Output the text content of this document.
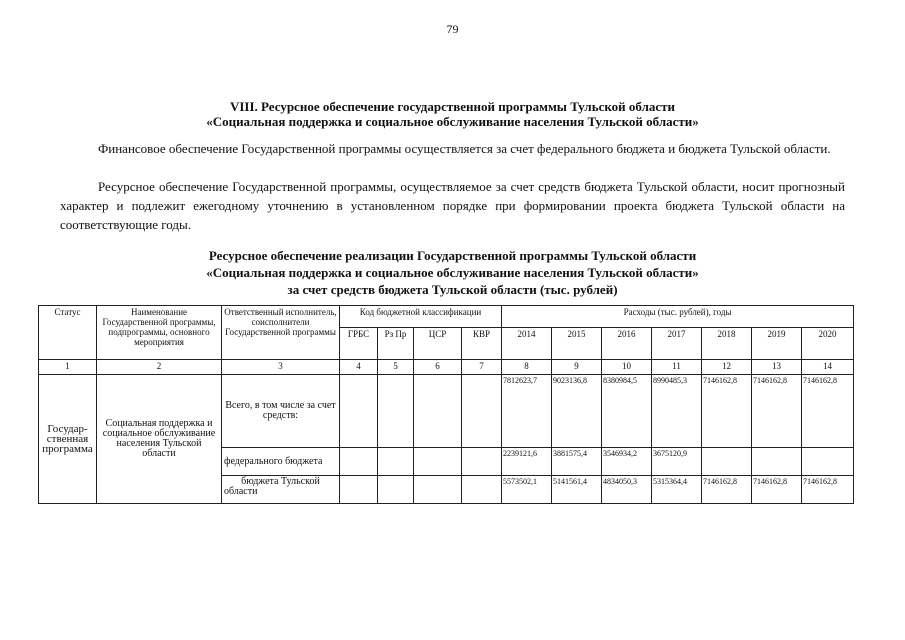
79
VIII. Ресурсное обеспечение государственной программы Тульской области
«Социальная поддержка и социальное обслуживание населения Тульской области»

Финансовое обеспечение Государственной программы осуществляется за счет федерального бюджета и бюджета Тульской области.

Ресурсное обеспечение Государственной программы, осуществляемое за счет средств бюджета Тульской области, носит прогнозный характер и подлежит ежегодному уточнению в установленном порядке при формировании проекта бюджета Тульской области на соответствующие годы.

Ресурсное обеспечение реализации Государственной программы Тульской области
«Социальная поддержка и социальное обслуживание населения Тульской области»
за счет средств бюджета Тульской области (тыс. рублей)
Статус	Наименование Государственной программы, подпрограммы, основного мероприятия	Ответственный исполнитель, соисполнители Государственной программы	Код бюджетной классификации				Расходы (тыс. рублей), годы						
			ГРБС	Рз Пр	ЦСР	КВР	2014	2015	2016	2017	2018	2019	2020
1	2	3	4	5	6	7	8	9	10	11	12	13	14
Государ-ственная программа	Социальная поддержка и социальное обслуживание населения Тульской области	Всего, в том числе за счет средств:					7812623,7	9023136,8	8380984,5	8990485,3	7146162,8	7146162,8	7146162,8
		федерального бюджета					2239121,6	3881575,4	3546934,2	3675120,9			
		бюджета Тульской области					5573502,1	5141561,4	4834050,3	5315364,4	7146162,8	7146162,8	7146162,8
